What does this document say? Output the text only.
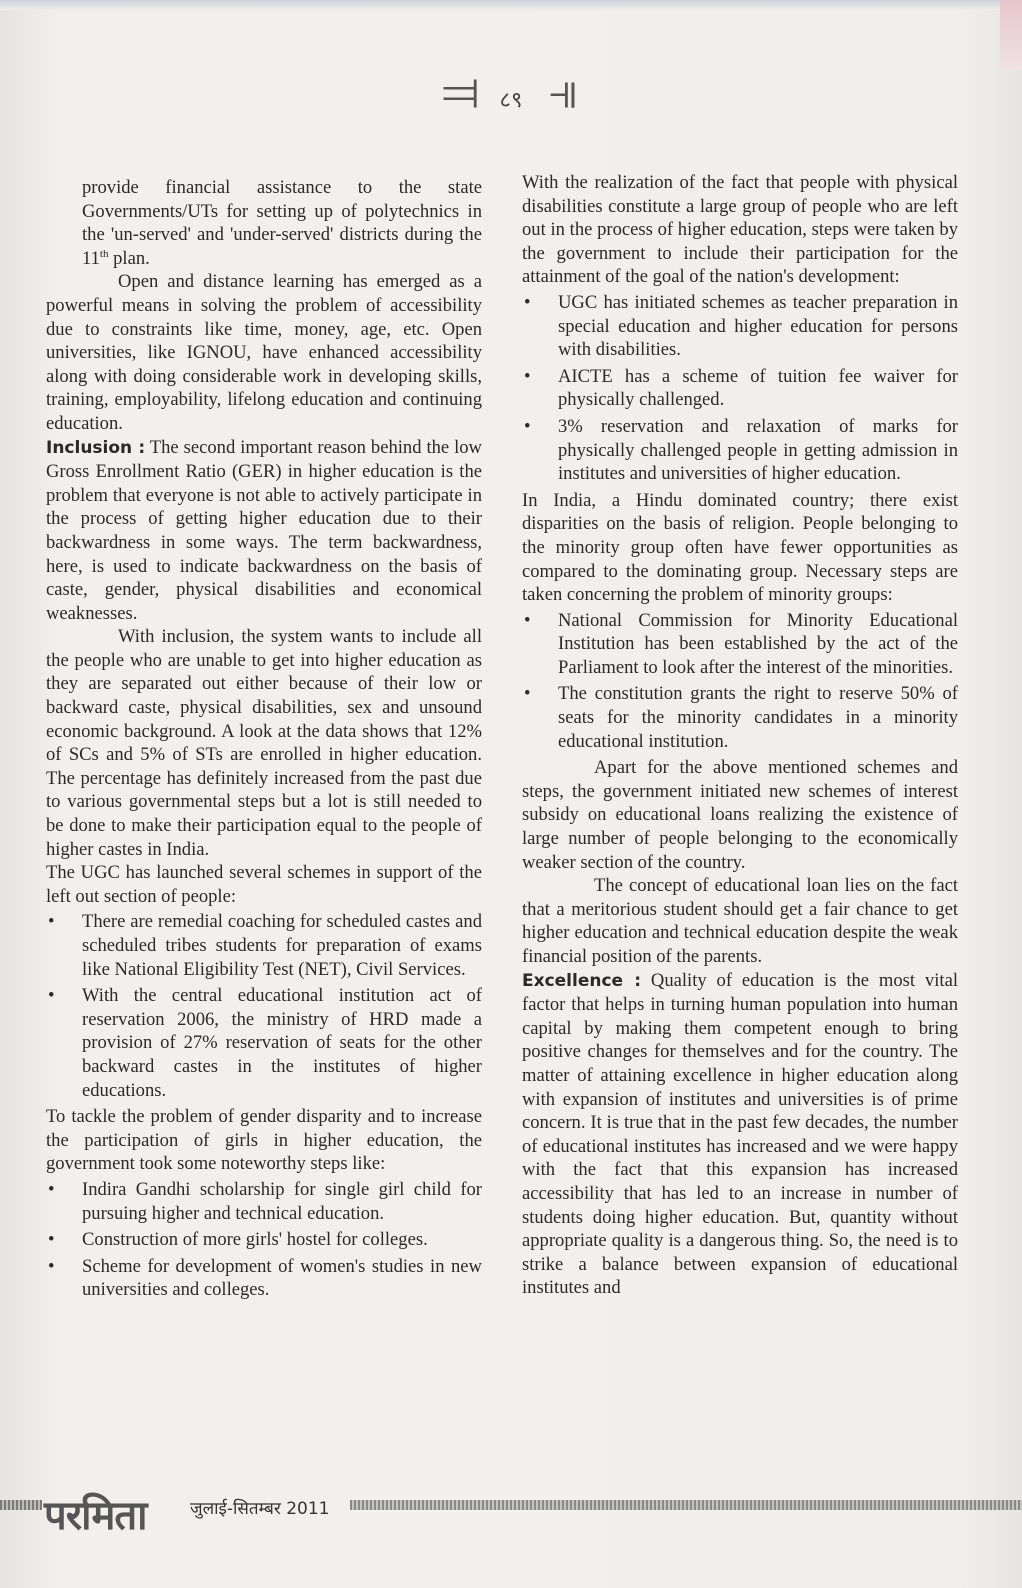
⫤ ८९ ⫣

provide financial assistance to the state Governments/UTs for setting up of polytechnics in the 'un-served' and 'under-served' districts during the 11th plan.

Open and distance learning has emerged as a powerful means in solving the problem of accessibility due to constraints like time, money, age, etc. Open universities, like IGNOU, have enhanced accessibility along with doing considerable work in developing skills, training, employability, lifelong education and continuing education.

Inclusion : The second important reason behind the low Gross Enrollment Ratio (GER) in higher education is the problem that everyone is not able to actively participate in the process of getting higher education due to their backwardness in some ways. The term backwardness, here, is used to indicate backwardness on the basis of caste, gender, physical disabilities and economical weaknesses.

With inclusion, the system wants to include all the people who are unable to get into higher education as they are separated out either because of their low or backward caste, physical disabilities, sex and unsound economic background. A look at the data shows that 12% of SCs and 5% of STs are enrolled in higher education. The percentage has definitely increased from the past due to various governmental steps but a lot is still needed to be done to make their participation equal to the people of higher castes in India.

The UGC has launched several schemes in support of the left out section of people:

• There are remedial coaching for scheduled castes and scheduled tribes students for preparation of exams like National Eligibility Test (NET), Civil Services.
• With the central educational institution act of reservation 2006, the ministry of HRD made a provision of 27% reservation of seats for the other backward castes in the institutes of higher educations.

To tackle the problem of gender disparity and to increase the participation of girls in higher education, the government took some noteworthy steps like:

• Indira Gandhi scholarship for single girl child for pursuing higher and technical education.
• Construction of more girls' hostel for colleges.
• Scheme for development of women's studies in new universities and colleges.

With the realization of the fact that people with physical disabilities constitute a large group of people who are left out in the process of higher education, steps were taken by the government to include their participation for the attainment of the goal of the nation's development:

• UGC has initiated schemes as teacher preparation in special education and higher education for persons with disabilities.
• AICTE has a scheme of tuition fee waiver for physically challenged.
• 3% reservation and relaxation of marks for physically challenged people in getting admission in institutes and universities of higher education.

In India, a Hindu dominated country; there exist disparities on the basis of religion. People belonging to the minority group often have fewer opportunities as compared to the dominating group. Necessary steps are taken concerning the problem of minority groups:

• National Commission for Minority Educational Institution has been established by the act of the Parliament to look after the interest of the minorities.
• The constitution grants the right to reserve 50% of seats for the minority candidates in a minority educational institution.

Apart for the above mentioned schemes and steps, the government initiated new schemes of interest subsidy on educational loans realizing the existence of large number of people belonging to the economically weaker section of the country.

The concept of educational loan lies on the fact that a meritorious student should get a fair chance to get higher education and technical education despite the weak financial position of the parents.

Excellence : Quality of education is the most vital factor that helps in turning human population into human capital by making them competent enough to bring positive changes for themselves and for the country. The matter of attaining excellence in higher education along with expansion of institutes and universities is of prime concern. It is true that in the past few decades, the number of educational institutes has increased and we were happy with the fact that this expansion has increased accessibility that has led to an increase in number of students doing higher education. But, quantity without appropriate quality is a dangerous thing. So, the need is to strike a balance between expansion of educational institutes and

परमिता	जुलाई-सितम्बर 2011
